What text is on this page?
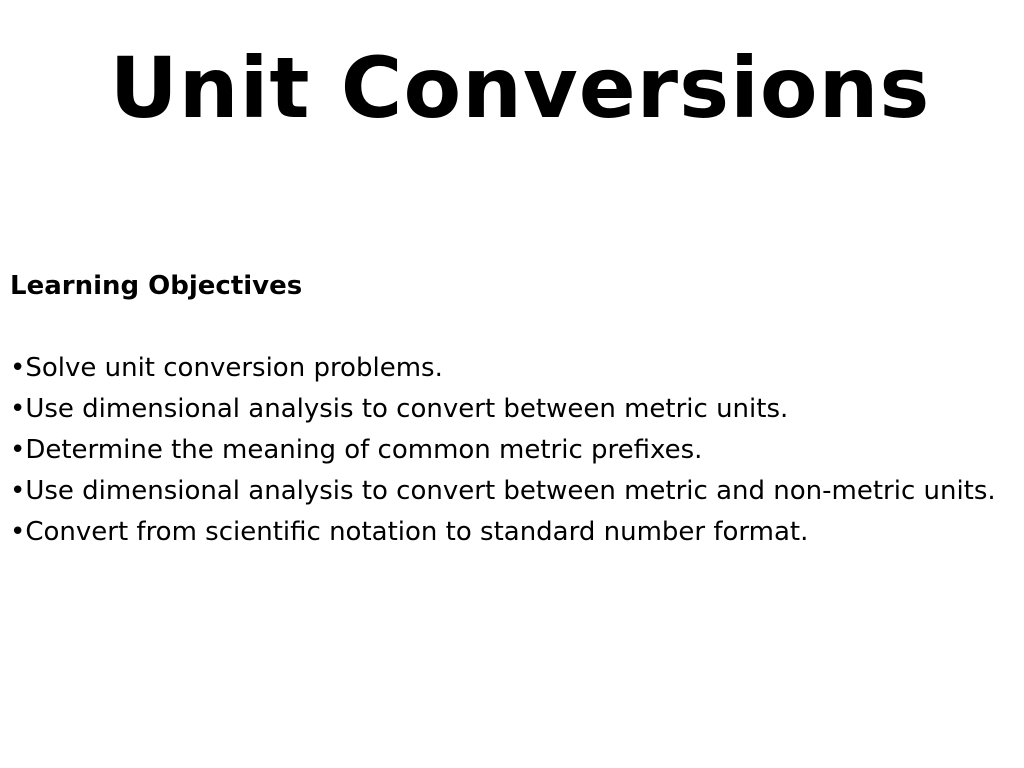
Unit Conversions
Learning Objectives
•Solve unit conversion problems.
•Use dimensional analysis to convert between metric units.
•Determine the meaning of common metric prefixes.
•Use dimensional analysis to convert between metric and non-metric units.
•Convert from scientific notation to standard number format.
